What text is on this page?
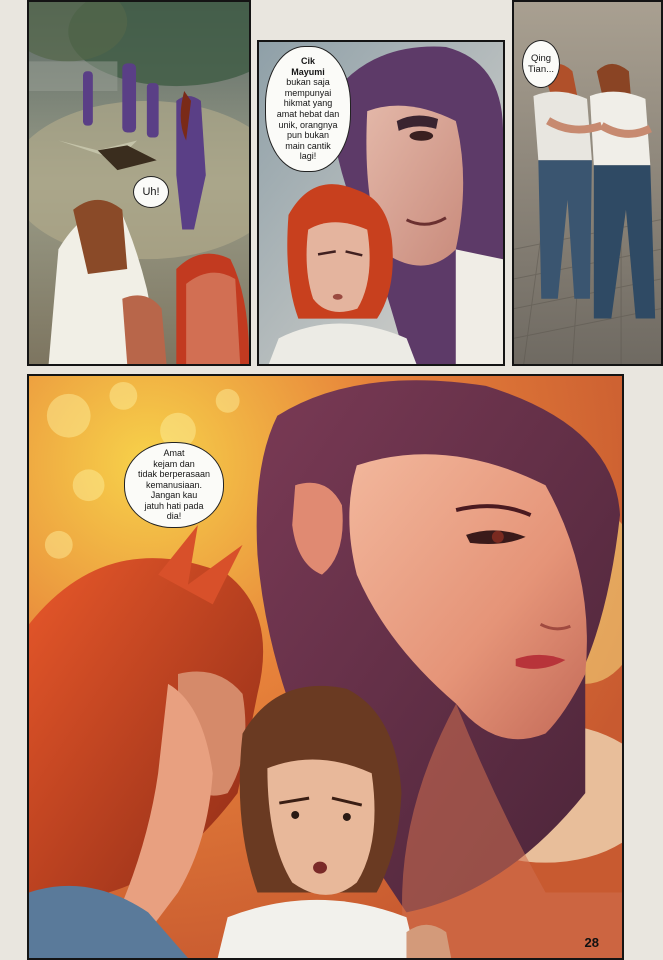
Uh!
Cik
Mayumi
bukan saja
mempunyai
hikmat yang
amat hebat dan
unik, orangnya
pun bukan
main cantik
lagi!
Qing
Tian...
Amat
kejam dan
tidak berperasaan
kemanusiaan.
Jangan kau
jatuh hati pada
dia!
28
